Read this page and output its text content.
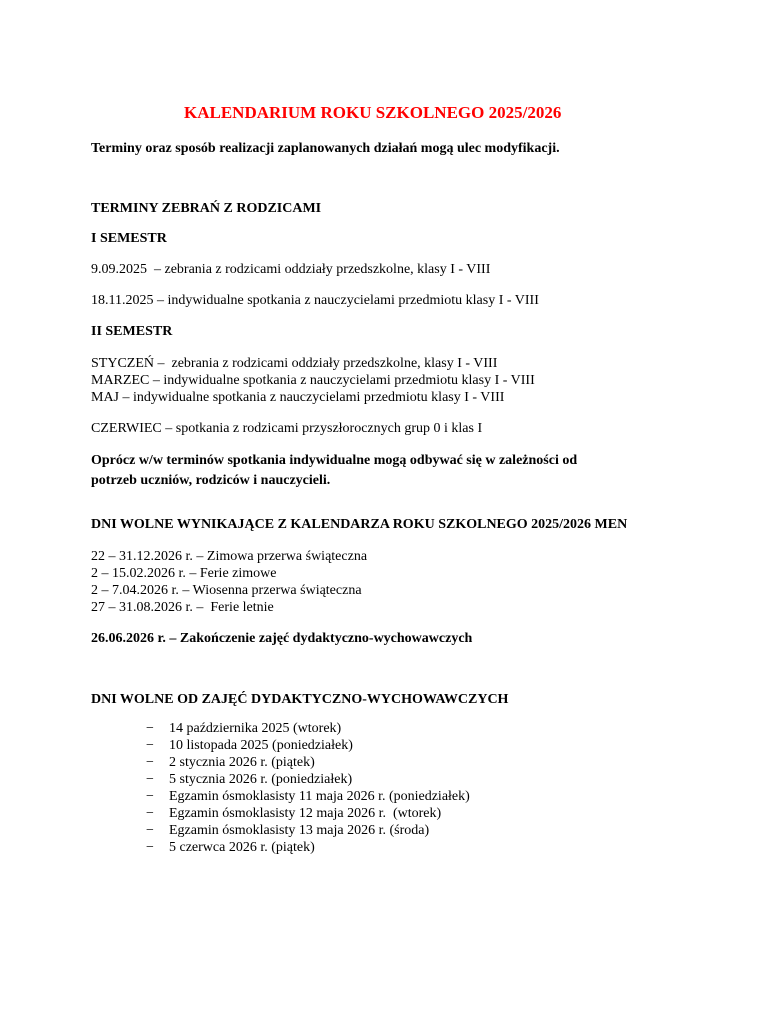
KALENDARIUM ROKU SZKOLNEGO 2025/2026
Terminy oraz sposób realizacji zaplanowanych działań mogą ulec modyfikacji.
TERMINY ZEBRAŃ Z RODZICAMI
I SEMESTR
9.09.2025  – zebrania z rodzicami oddziały przedszkolne, klasy I - VIII
18.11.2025 – indywidualne spotkania z nauczycielami przedmiotu klasy I - VIII
II SEMESTR
STYCZEŃ –  zebrania z rodzicami oddziały przedszkolne, klasy I - VIII
MARZEC – indywidualne spotkania z nauczycielami przedmiotu klasy I - VIII
MAJ – indywidualne spotkania z nauczycielami przedmiotu klasy I - VIII
CZERWIEC – spotkania z rodzicami przyszłorocznych grup 0 i klas I
Oprócz w/w terminów spotkania indywidualne mogą odbywać się w zależności od
potrzeb uczniów, rodziców i nauczycieli.
DNI WOLNE WYNIKAJĄCE Z KALENDARZA ROKU SZKOLNEGO 2025/2026 MEN
22 – 31.12.2026 r. – Zimowa przerwa świąteczna
2 – 15.02.2026 r. – Ferie zimowe
2 – 7.04.2026 r. – Wiosenna przerwa świąteczna
27 – 31.08.2026 r. –  Ferie letnie
26.06.2026 r. – Zakończenie zajęć dydaktyczno-wychowawczych
DNI WOLNE OD ZAJĘĆ DYDAKTYCZNO-WYCHOWAWCZYCH
− 14 października 2025 (wtorek)
− 10 listopada 2025 (poniedziałek)
− 2 stycznia 2026 r. (piątek)
− 5 stycznia 2026 r. (poniedziałek)
− Egzamin ósmoklasisty 11 maja 2026 r. (poniedziałek)
− Egzamin ósmoklasisty 12 maja 2026 r.  (wtorek)
− Egzamin ósmoklasisty 13 maja 2026 r. (środa)
− 5 czerwca 2026 r. (piątek)
